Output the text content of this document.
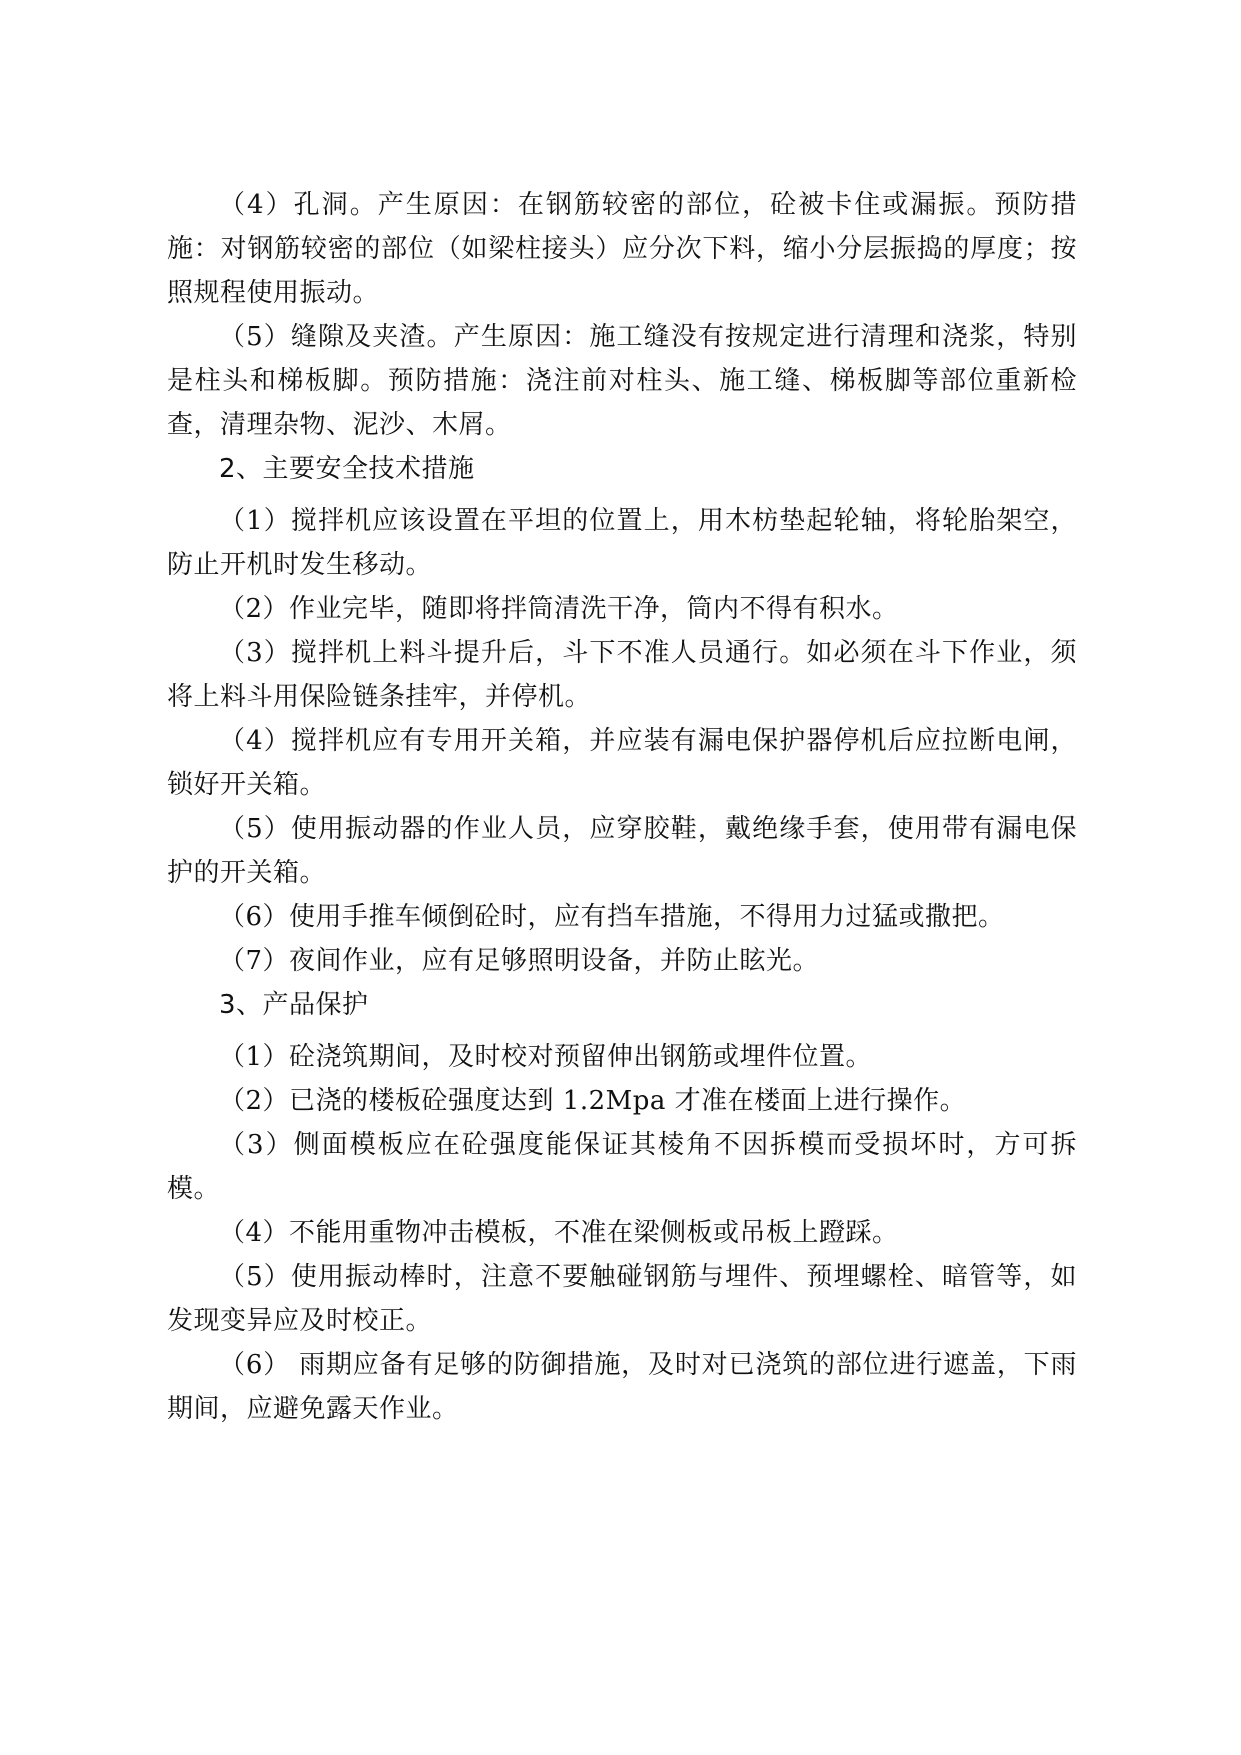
（4）孔洞。产生原因：在钢筋较密的部位，砼被卡住或漏振。预防措施：对钢筋较密的部位（如梁柱接头）应分次下料，缩小分层振捣的厚度；按照规程使用振动。

（5）缝隙及夹渣。产生原因：施工缝没有按规定进行清理和浇浆，特别是柱头和梯板脚。预防措施：浇注前对柱头、施工缝、梯板脚等部位重新检查，清理杂物、泥沙、木屑。

2、主要安全技术措施

（1）搅拌机应该设置在平坦的位置上，用木枋垫起轮轴，将轮胎架空，防止开机时发生移动。

（2）作业完毕，随即将拌筒清洗干净，筒内不得有积水。

（3）搅拌机上料斗提升后，斗下不准人员通行。如必须在斗下作业，须将上料斗用保险链条挂牢，并停机。

（4）搅拌机应有专用开关箱，并应装有漏电保护器停机后应拉断电闸，锁好开关箱。

（5）使用振动器的作业人员，应穿胶鞋，戴绝缘手套，使用带有漏电保护的开关箱。

（6）使用手推车倾倒砼时，应有挡车措施，不得用力过猛或撒把。

（7）夜间作业，应有足够照明设备，并防止眩光。

3、产品保护

（1）砼浇筑期间，及时校对预留伸出钢筋或埋件位置。

（2）已浇的楼板砼强度达到 1.2Mpa 才准在楼面上进行操作。

（3）侧面模板应在砼强度能保证其棱角不因拆模而受损坏时，方可拆模。

（4）不能用重物冲击模板，不准在梁侧板或吊板上蹬踩。

（5）使用振动棒时，注意不要触碰钢筋与埋件、预埋螺栓、暗管等，如发现变异应及时校正。

（6） 雨期应备有足够的防御措施，及时对已浇筑的部位进行遮盖，下雨期间，应避免露天作业。
